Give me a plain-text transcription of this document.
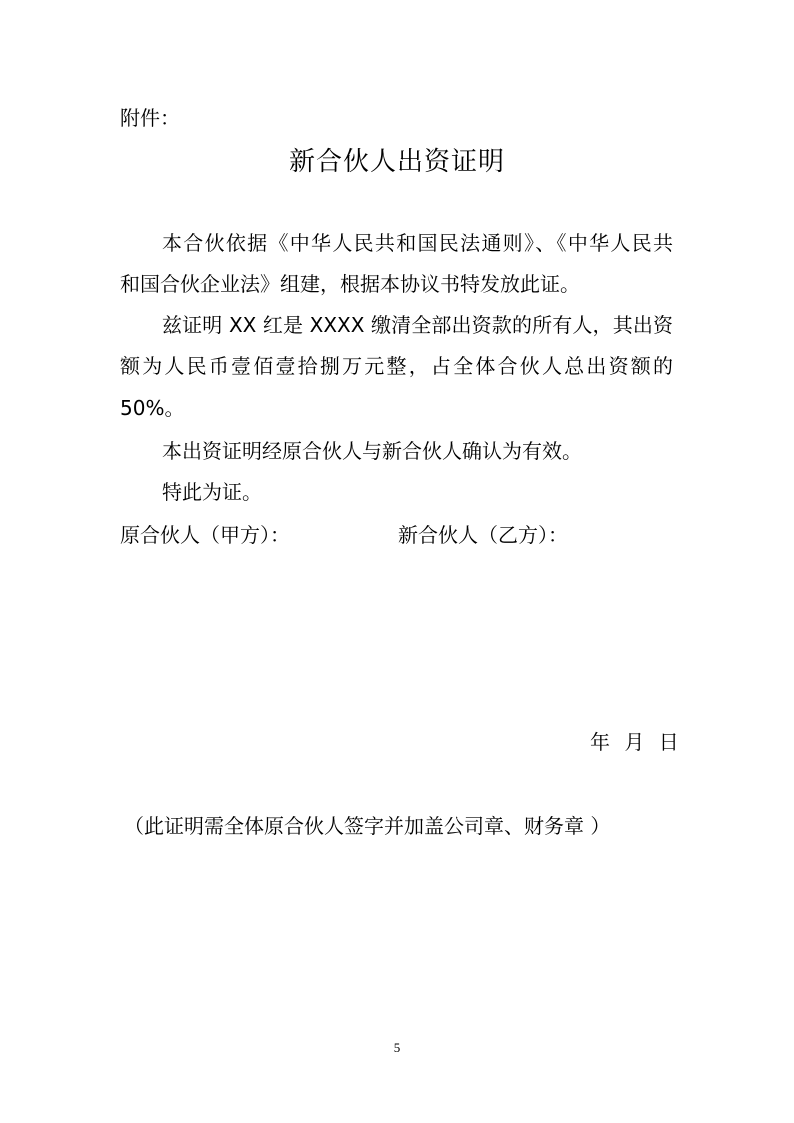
附件：
新合伙人出资证明
本合伙依据《中华人民共和国民法通则》、《中华人民共
和国合伙企业法》组建，根据本协议书特发放此证。
兹证明 XX 红是 XXXX 缴清全部出资款的所有人，其出资
额为人民币壹佰壹拾捌万元整，占全体合伙人总出资额的
50%。
本出资证明经原合伙人与新合伙人确认为有效。
特此为证。
原合伙人（甲方）：	新合伙人（乙方）：
年 月 日
（此证明需全体原合伙人签字并加盖公司章、财务章 ）
5
